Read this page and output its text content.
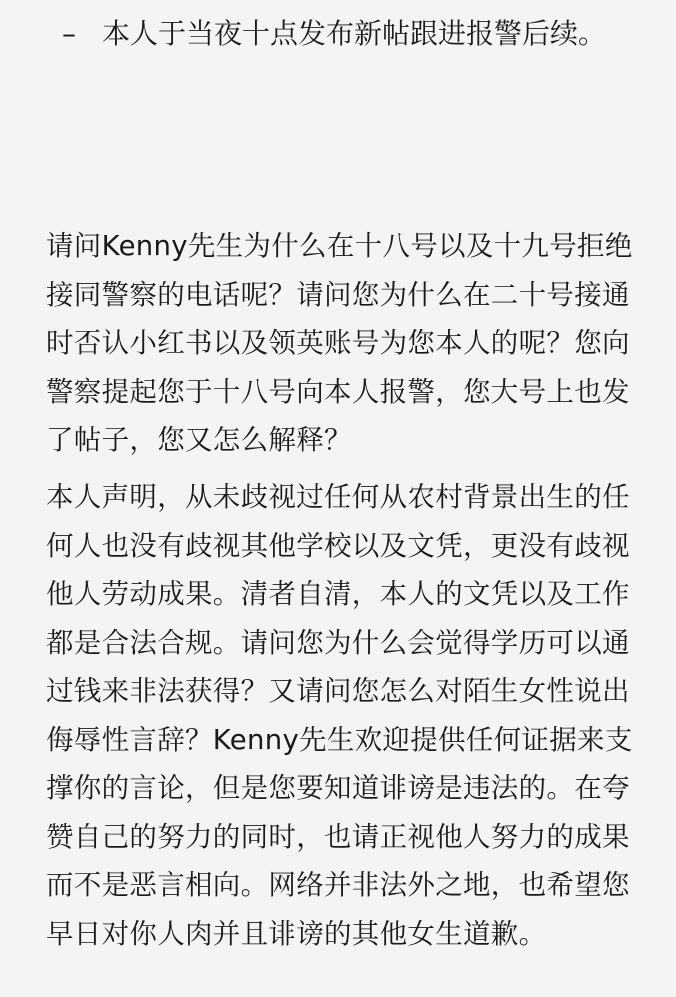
– 本人于当夜十点发布新帖跟进报警后续。
请问Kenny先生为什么在十八号以及十九号拒绝接同警察的电话呢？请问您为什么在二十号接通时否认小红书以及领英账号为您本人的呢？您向警察提起您于十八号向本人报警，您大号上也发了帖子，您又怎么解释？
本人声明，从未歧视过任何从农村背景出生的任何人也没有歧视其他学校以及文凭，更没有歧视他人劳动成果。清者自清，本人的文凭以及工作都是合法合规。请问您为什么会觉得学历可以通过钱来非法获得？又请问您怎么对陌生女性说出侮辱性言辞？Kenny先生欢迎提供任何证据来支撑你的言论，但是您要知道诽谤是违法的。在夸赞自己的努力的同时，也请正视他人努力的成果而不是恶言相向。网络并非法外之地，也希望您早日对你人肉并且诽谤的其他女生道歉。
